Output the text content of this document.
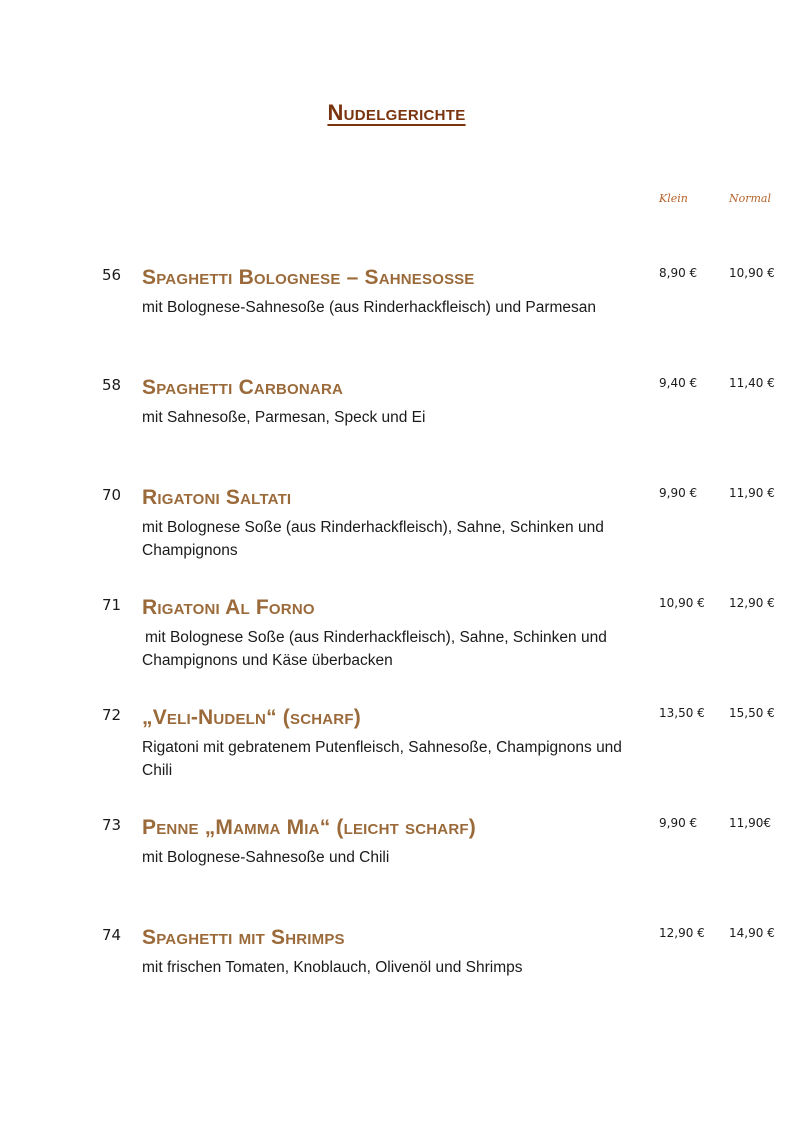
Nudelgerichte
Klein	Normal
56 Spaghetti Bolognese – Sahnesoße
mit Bolognese-Sahnesoße (aus Rinderhackfleisch) und Parmesan
8,90 €	10,90 €
58 Spaghetti Carbonara
mit Sahnesoße, Parmesan, Speck und Ei
9,40 €	11,40 €
70 Rigatoni Saltati
mit Bolognese Soße (aus Rinderhackfleisch), Sahne, Schinken und Champignons
9,90 €	11,90 €
71 Rigatoni Al Forno
mit Bolognese Soße (aus Rinderhackfleisch), Sahne, Schinken und Champignons und Käse überbacken
10,90 € 12,90 €
72 „Veli-Nudeln“ (scharf)
Rigatoni mit gebratenem Putenfleisch, Sahnesoße, Champignons und Chili
13,50 € 15,50 €
73 Penne „Mamma Mia“ (leicht scharf)
mit Bolognese-Sahnesoße und Chili
9,90 €	11,90€
74 Spaghetti mit Shrimps
mit frischen Tomaten, Knoblauch, Olivenöl und Shrimps
12,90 € 14,90 €
